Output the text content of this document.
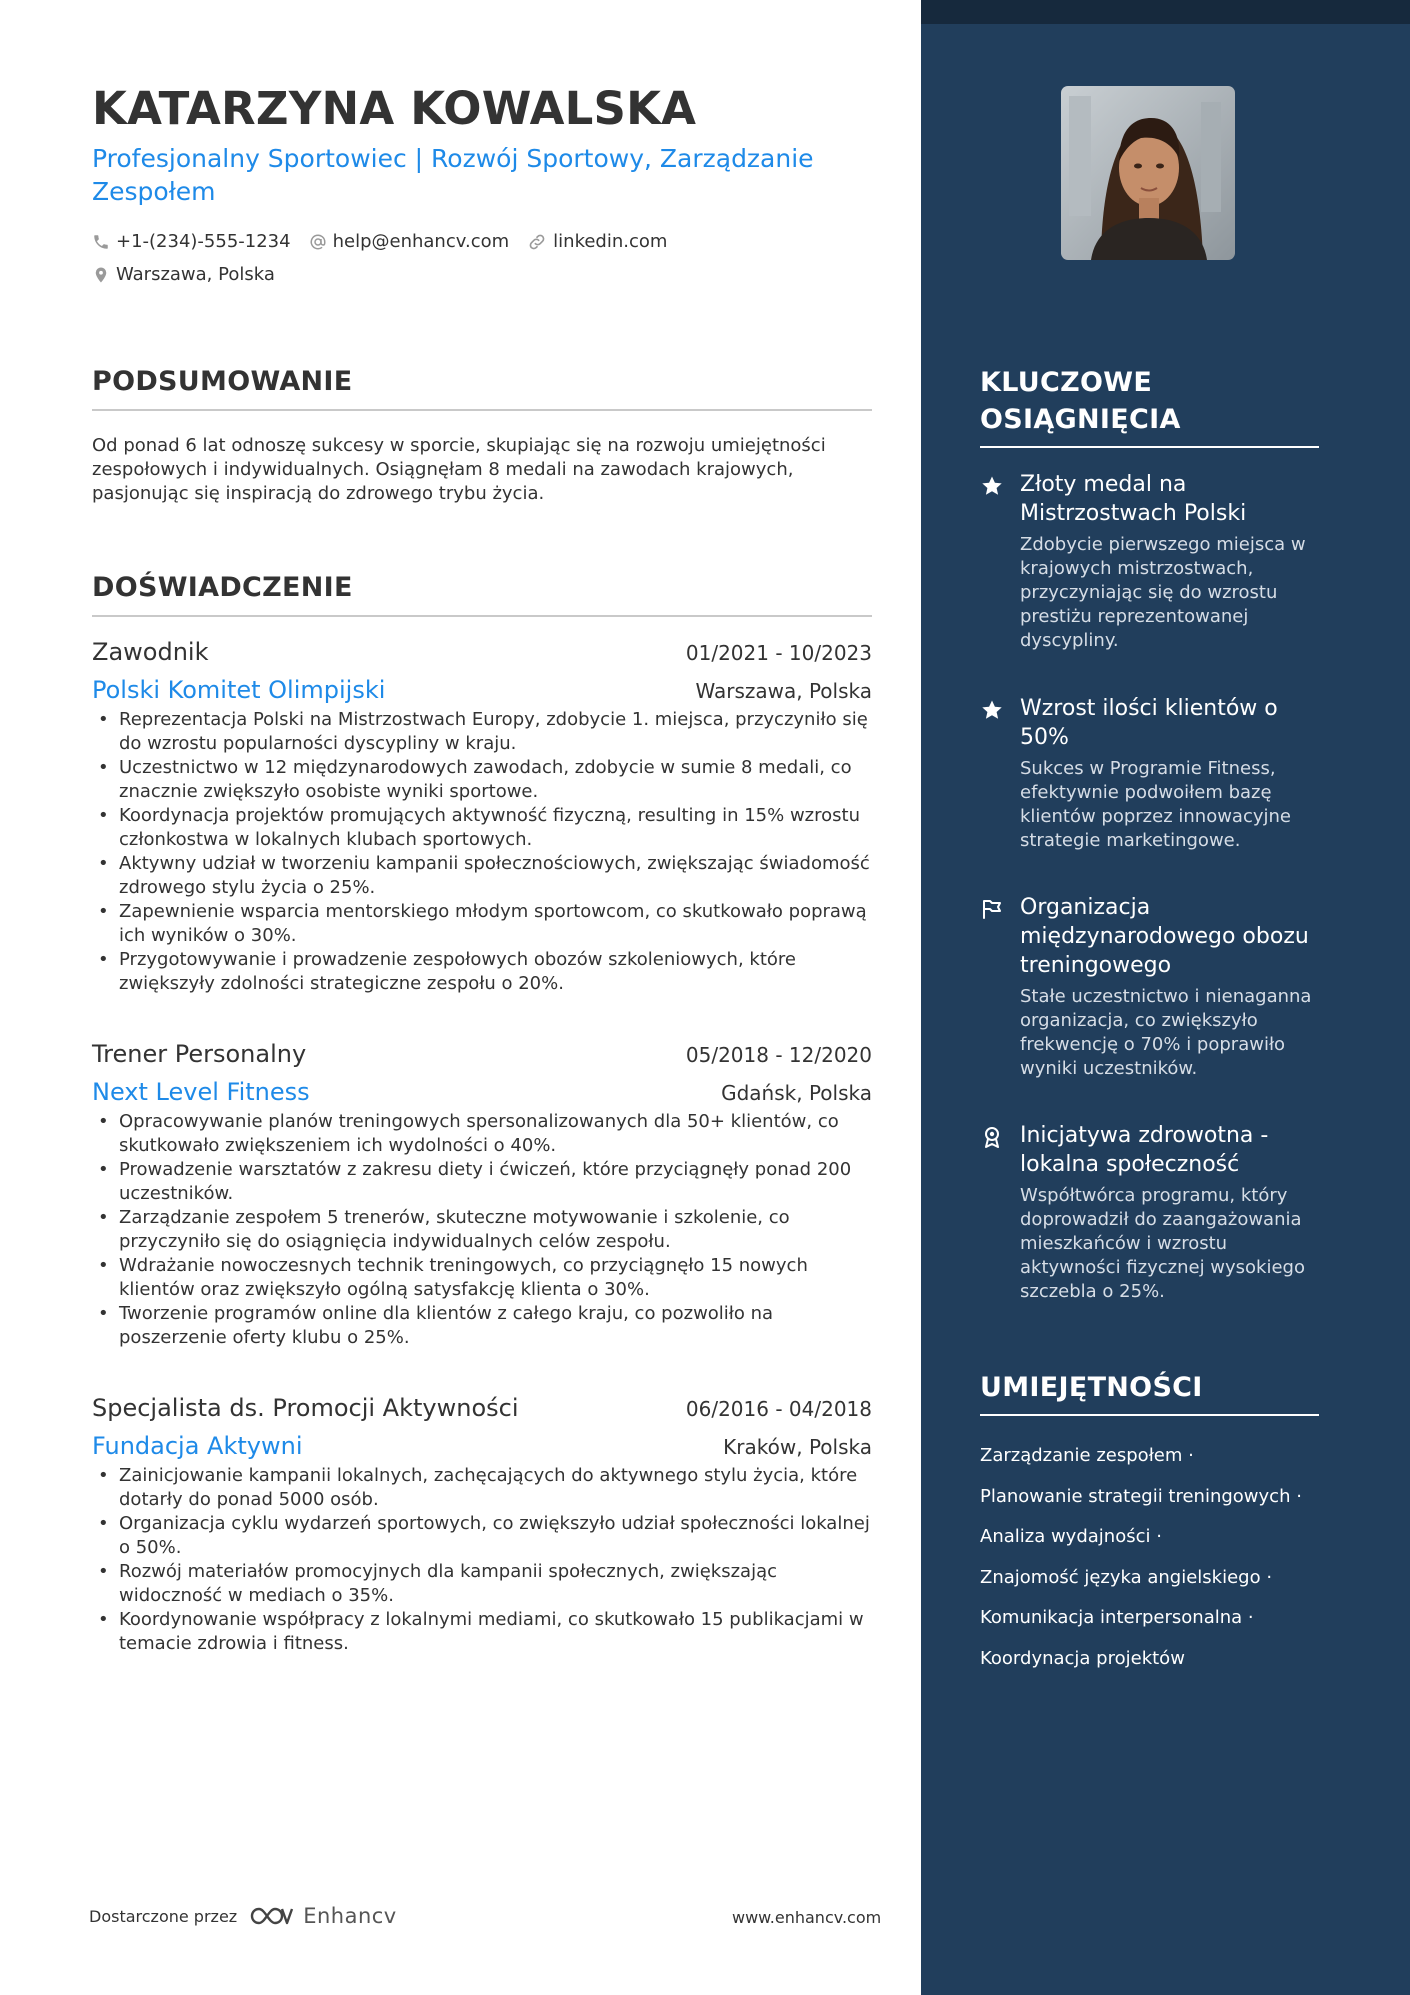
KATARZYNA KOWALSKA
Profesjonalny Sportowiec | Rozwój Sportowy, Zarządzanie Zespołem
+1-(234)-555-1234 help@enhancv.com linkedin.com
Warszawa, Polska
PODSUMOWANIE

Od ponad 6 lat odnoszę sukcesy w sporcie, skupiając się na rozwoju umiejętności zespołowych i indywidualnych. Osiągnęłam 8 medali na zawodach krajowych, pasjonując się inspiracją do zdrowego trybu życia.

DOŚWIADCZENIE
Zawodnik	01/2021 - 10/2023
Polski Komitet Olimpijski	Warszawa, Polska
• Reprezentacja Polski na Mistrzostwach Europy, zdobycie 1. miejsca, przyczyniło się do wzrostu popularności dyscypliny w kraju.
• Uczestnictwo w 12 międzynarodowych zawodach, zdobycie w sumie 8 medali, co znacznie zwiększyło osobiste wyniki sportowe.
• Koordynacja projektów promujących aktywność fizyczną, resulting in 15% wzrostu członkostwa w lokalnych klubach sportowych.
• Aktywny udział w tworzeniu kampanii społecznościowych, zwiększając świadomość zdrowego stylu życia o 25%.
• Zapewnienie wsparcia mentorskiego młodym sportowcom, co skutkowało poprawą ich wyników o 30%.
• Przygotowywanie i prowadzenie zespołowych obozów szkoleniowych, które zwiększyły zdolności strategiczne zespołu o 20%.
Trener Personalny	05/2018 - 12/2020
Next Level Fitness	Gdańsk, Polska
• Opracowywanie planów treningowych spersonalizowanych dla 50+ klientów, co skutkowało zwiększeniem ich wydolności o 40%.
• Prowadzenie warsztatów z zakresu diety i ćwiczeń, które przyciągnęły ponad 200 uczestników.
• Zarządzanie zespołem 5 trenerów, skuteczne motywowanie i szkolenie, co przyczyniło się do osiągnięcia indywidualnych celów zespołu.
• Wdrażanie nowoczesnych technik treningowych, co przyciągnęło 15 nowych klientów oraz zwiększyło ogólną satysfakcję klienta o 30%.
• Tworzenie programów online dla klientów z całego kraju, co pozwoliło na poszerzenie oferty klubu o 25%.
Specjalista ds. Promocji Aktywności	06/2016 - 04/2018
Fundacja Aktywni	Kraków, Polska
• Zainicjowanie kampanii lokalnych, zachęcających do aktywnego stylu życia, które dotarły do ponad 5000 osób.
• Organizacja cyklu wydarzeń sportowych, co zwiększyło udział społeczności lokalnej o 50%.
• Rozwój materiałów promocyjnych dla kampanii społecznych, zwiększając widoczność w mediach o 35%.
• Koordynowanie współpracy z lokalnymi mediami, co skutkowało 15 publikacjami w temacie zdrowia i fitness.
Dostarczone przez	Enhancv	www.enhancv.com
KLUCZOWE OSIĄGNIĘCIA
Złoty medal na Mistrzostwach Polski
Zdobycie pierwszego miejsca w krajowych mistrzostwach, przyczyniając się do wzrostu prestiżu reprezentowanej dyscypliny.
Wzrost ilości klientów o 50%
Sukces w Programie Fitness, efektywnie podwoiłem bazę klientów poprzez innowacyjne strategie marketingowe.
Organizacja międzynarodowego obozu treningowego
Stałe uczestnictwo i nienaganna organizacja, co zwiększyło frekwencję o 70% i poprawiło wyniki uczestników.
Inicjatywa zdrowotna - lokalna społeczność
Współtwórca programu, który doprowadził do zaangażowania mieszkańców i wzrostu aktywności fizycznej wysokiego szczebla o 25%.
UMIEJĘTNOŚCI
Zarządzanie zespołem ·
Planowanie strategii treningowych ·
Analiza wydajności ·
Znajomość języka angielskiego ·
Komunikacja interpersonalna ·
Koordynacja projektów
